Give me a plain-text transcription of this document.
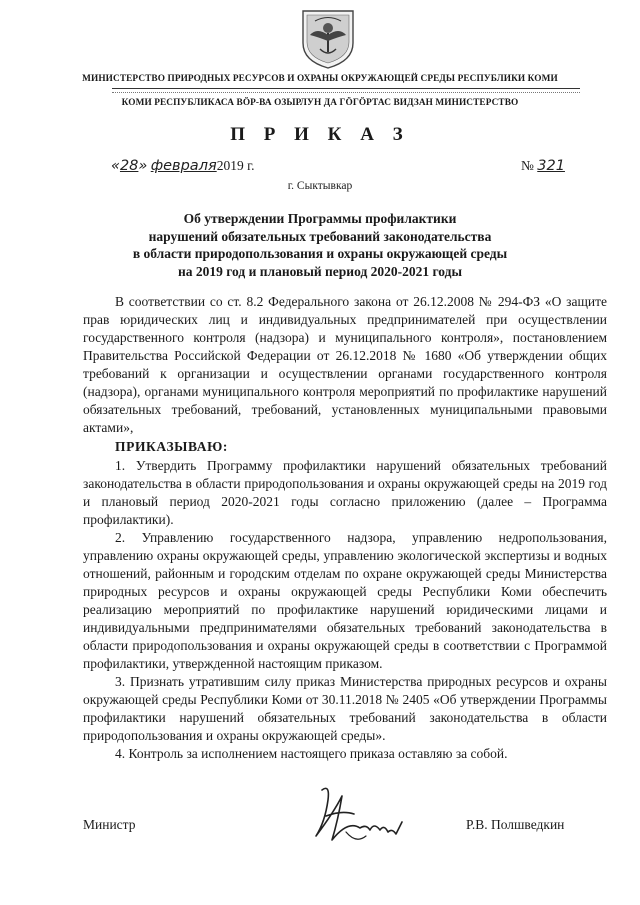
МИНИСТЕРСТВО ПРИРОДНЫХ РЕСУРСОВ И ОХРАНЫ ОКРУЖАЮЩЕЙ СРЕДЫ РЕСПУБЛИКИ КОМИ
КОМИ РЕСПУБЛИКАСА ВӦР-ВА ОЗЫРЛУН ДА ГӦГӦРТАС ВИДЗАН МИНИСТЕРСТВО
П Р И К А З
«28» февраля2019 г.	№ 321
г. Сыктывкар
Об утверждении Программы профилактики
нарушений обязательных требований законодательства
в области природопользования и охраны окружающей среды
на 2019 год и плановый период 2020-2021 годы

В соответствии со ст. 8.2 Федерального закона от 26.12.2008 № 294-ФЗ «О защите прав юридических лиц и индивидуальных предпринимателей при осуществлении государственного контроля (надзора) и муниципального контроля», постановлением Правительства Российской Федерации от 26.12.2018 № 1680 «Об утверждении общих требований к организации и осуществлении органами государственного контроля (надзора), органами муниципального контроля мероприятий по профилактике нарушений обязательных требований, требований, установленных муниципальными правовыми актами»,

ПРИКАЗЫВАЮ:

1. Утвердить Программу профилактики нарушений обязательных требований законодательства в области природопользования и охраны окружающей среды на 2019 год и плановый период 2020-2021 годы согласно приложению (далее – Программа профилактики).

2. Управлению государственного надзора, управлению недропользования, управлению охраны окружающей среды, управлению экологической экспертизы и водных отношений, районным и городским отделам по охране окружающей среды Министерства природных ресурсов и охраны окружающей среды Республики Коми обеспечить реализацию мероприятий по профилактике нарушений юридическими лицами и индивидуальными предпринимателями обязательных требований законодательства в области природопользования и охраны окружающей среды в соответствии с Программой профилактики, утвержденной настоящим приказом.

3. Признать утратившим силу приказ Министерства природных ресурсов и охраны окружающей среды Республики Коми от 30.11.2018 № 2405 «Об утверждении Программы профилактики нарушений обязательных требований законодательства в области природопользования и охраны окружающей среды».

4. Контроль за исполнением настоящего приказа оставляю за собой.

Министр	Р.В. Полшведкин
